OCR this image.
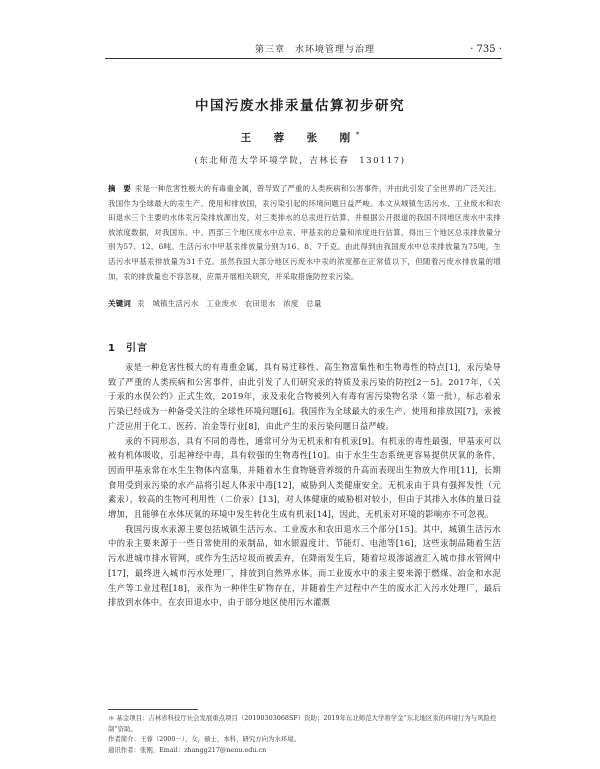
第三章　水环境管理与治理	· 735 ·
中国污废水排汞量估算初步研究
王　蓉　张　刚*
(东北师范大学环境学院，吉林长春　130117)
摘　要 汞是一种危害性极大的有毒重金属，曾导致了严重的人类疾病和公害事件，并由此引发了全世界的广泛关注。我国作为全球最大的汞生产、使用和排放国，汞污染引起的环境问题日益严峻。本文从城镇生活污水、工业废水和农田退水三个主要的水体汞污染排放源出发，对三类排水的总汞进行估算，并根据公开报道的我国不同地区废水中汞排放浓度数据，对我国东、中、西部三个地区废水中总汞、甲基汞的总量和浓度进行估算，得出三个地区总汞排放量分别为57、12、6吨。生活污水中甲基汞排放量分别为16、8、7千克。由此得到由我国废水中总汞排放量为75吨，生活污水甲基汞排放量为31千克。虽然我国大部分地区污废水中汞的浓度都在正常值以下，但随着污废水排放量的增加，汞的排放量也不容忽视，应需开展相关研究，并采取措施防控汞污染。
关键词 汞　城镇生活污水　工业废水　农田退水　浓度　总量
1 引言

汞是一种危害性极大的有毒重金属，具有易迁移性、高生物富集性和生物毒性的特点[1]，汞污染导致了严重的人类疾病和公害事件，由此引发了人们研究汞的特质及汞污染的防控[2－5]。2017年，《关于汞的水俣公约》正式生效，2019年，汞及汞化合物被列入有毒有害污染物名录（第一批），标志着汞污染已经成为一种备受关注的全球性环境问题[6]。我国作为全球最大的汞生产、使用和排放国[7]，汞被广泛应用于化工、医药、冶金等行业[8]，由此产生的汞污染问题日益严峻。

汞的不同形态，具有不同的毒性，通常可分为无机汞和有机汞[9]。有机汞的毒性最强，甲基汞可以被有机体吸收，引起神经中毒，具有较强的生物毒性[10]。由于水生生态系统更容易提供厌氧的条件，因而甲基汞常在水生生物体内富集，并随着水生食物链营养级的升高而表现出生物放大作用[11]，长期食用受到汞污染的水产品将引起人体汞中毒[12]，威胁到人类健康安全。无机汞由于具有强挥发性（元素汞），较高的生物可利用性（二价汞）[13]，对人体健康的威胁相对较小，但由于其排入水体的量日益增加，且能够在水体厌氧的环境中发生转化生成有机汞[14]，因此，无机汞对环境的影响亦不可忽视。

我国污废水汞源主要包括城镇生活污水、工业废水和农田退水三个部分[15]。其中，城镇生活污水中的汞主要来源于一些日常使用的汞制品，如水银温度计、节能灯、电池等[16]，这些汞制品随着生活污水进城市排水管网，或作为生活垃圾而被丢弃，在降雨发生后，随着垃圾渗滤液汇入城市排水管网中[17]，最终进入城市污水处理厂，排放到自然界水体。而工业废水中的汞主要来源于燃煤、冶金和水泥生产等工业过程[18]，汞作为一种伴生矿物存在，并随着生产过程中产生的废水汇入污水处理厂，最后排放到水体中。在农田退水中，由于部分地区使用污水灌溉

＊ 基金项目：吉林省科技厅社会发展重点项目（20190303068SF）资助；2019年东北师范大学将学金“东北地区汞的环境行为与风险控制”资助。
作者简介：王蓉（2000－），女，硕士，本科，研究方向为水环境。
通讯作者：张刚，Email：zhangg217@nenu.edu.cn
